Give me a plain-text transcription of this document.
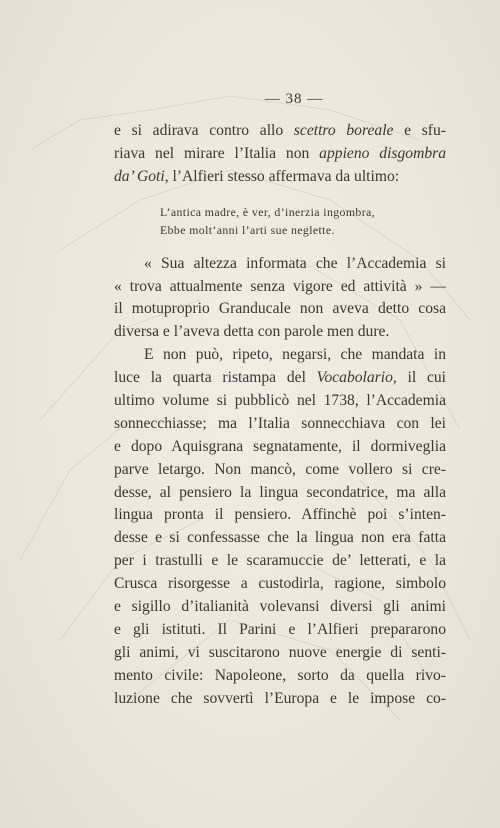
— 38 —
e si adirava contro allo scettro boreale e sfu-
riava nel mirare l’Italia non appieno disgombra
da’ Goti, l’Alfieri stesso affermava da ultimo:
L’antica madre, è ver, d’inerzia ingombra,
Ebbe molt’anni l’arti sue neglette.
« Sua altezza informata che l’Accademia si
« trova attualmente senza vigore ed attività » —
il motuproprio Granducale non aveva detto cosa
diversa e l’aveva detta con parole men dure.
E non può, ripeto, negarsi, che mandata in
luce la quarta ristampa del Vocabolario, il cui
ultimo volume si pubblicò nel 1738, l’Accademia
sonnecchiasse; ma l’Italia sonnecchiava con lei
e dopo Aquisgrana segnatamente, il dormiveglia
parve letargo. Non mancò, come vollero si cre-
desse, al pensiero la lingua secondatrice, ma alla
lingua pronta il pensiero. Affinchè poi s’inten-
desse e si confessasse che la lingua non era fatta
per i trastulli e le scaramuccie de’ letterati, e la
Crusca risorgesse a custodirla, ragione, simbolo
e sigillo d’italianità volevansi diversi gli animi
e gli istituti. Il Parini e l’Alfieri prepararono
gli animi, vi suscitarono nuove energie di senti-
mento civile: Napoleone, sorto da quella rivo-
luzione che sovvertì l’Europa e le impose co-
